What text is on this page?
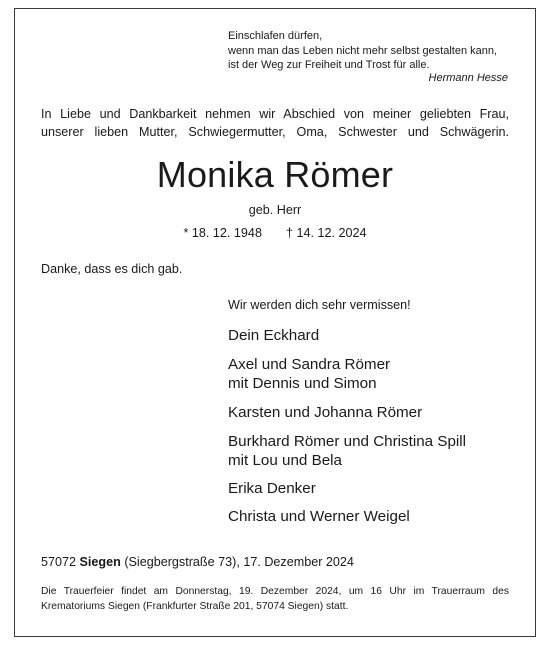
Einschlafen dürfen,
wenn man das Leben nicht mehr selbst gestalten kann,
ist der Weg zur Freiheit und Trost für alle.
Hermann Hesse
In Liebe und Dankbarkeit nehmen wir Abschied von meiner geliebten Frau,
unserer lieben Mutter, Schwiegermutter, Oma, Schwester und Schwägerin.
Monika Römer
geb. Herr
* 18. 12. 1948 † 14. 12. 2024
Danke, dass es dich gab.
Wir werden dich sehr vermissen!
Dein Eckhard
Axel und Sandra Römer
mit Dennis und Simon
Karsten und Johanna Römer
Burkhard Römer und Christina Spill
mit Lou und Bela
Erika Denker
Christa und Werner Weigel
57072 Siegen (Siegbergstraße 73), 17. Dezember 2024
Die Trauerfeier findet am Donnerstag, 19. Dezember 2024, um 16 Uhr im Trauerraum des
Krematoriums Siegen (Frankfurter Straße 201, 57074 Siegen) statt.
